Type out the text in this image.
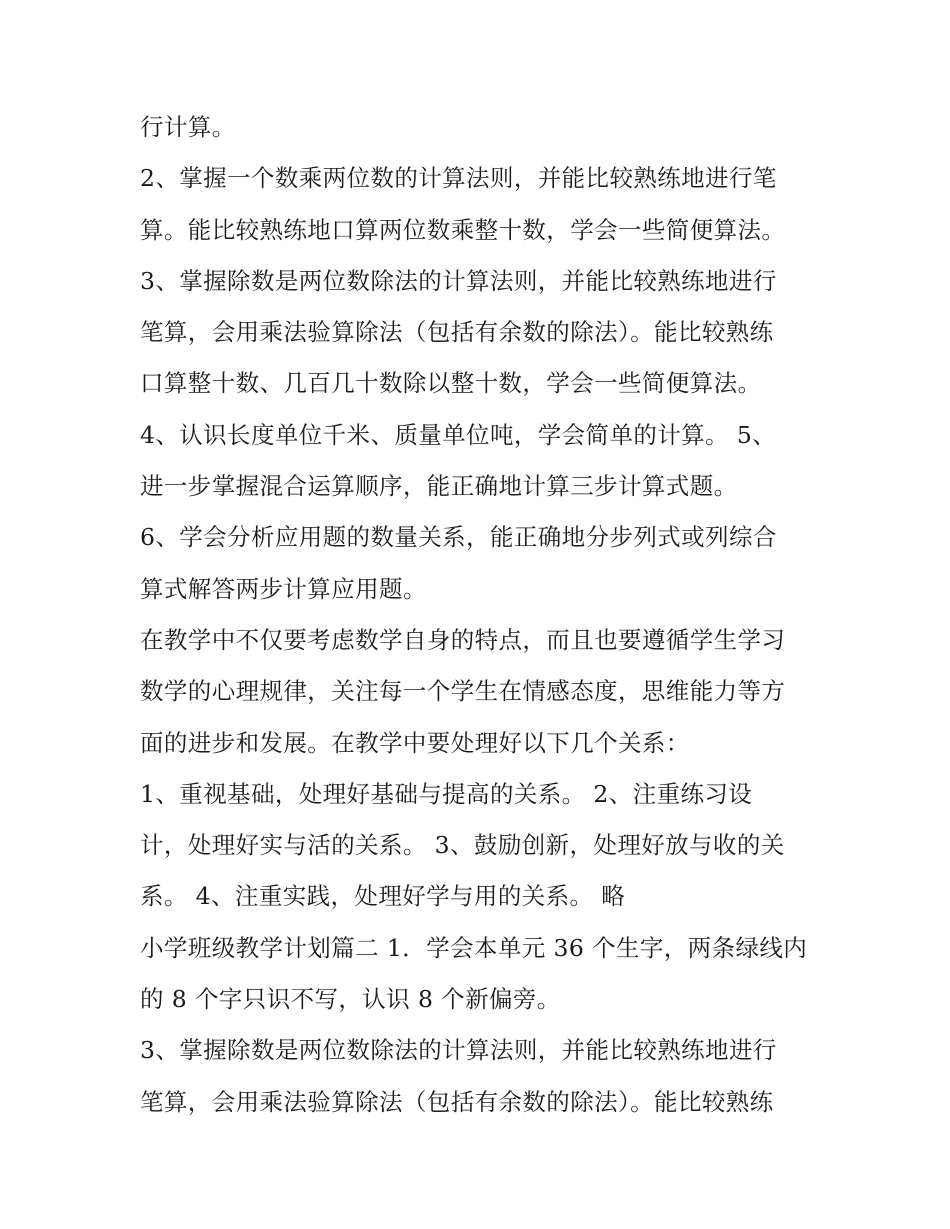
行计算。
2、掌握一个数乘两位数的计算法则，并能比较熟练地进行笔
算。能比较熟练地口算两位数乘整十数，学会一些简便算法。
3、掌握除数是两位数除法的计算法则，并能比较熟练地进行
笔算，会用乘法验算除法（包括有余数的除法）。能比较熟练
口算整十数、几百几十数除以整十数，学会一些简便算法。
4、认识长度单位千米、质量单位吨，学会简单的计算。 5、
进一步掌握混合运算顺序，能正确地计算三步计算式题。
6、学会分析应用题的数量关系，能正确地分步列式或列综合
算式解答两步计算应用题。
在教学中不仅要考虑数学自身的特点，而且也要遵循学生学习
数学的心理规律，关注每一个学生在情感态度，思维能力等方
面的进步和发展。在教学中要处理好以下几个关系：
1、重视基础，处理好基础与提高的关系。 2、注重练习设
计，处理好实与活的关系。 3、鼓励创新，处理好放与收的关
系。 4、注重实践，处理好学与用的关系。 略
小学班级教学计划篇二 1．学会本单元 36 个生字，两条绿线内
的 8 个字只识不写，认识 8 个新偏旁。
3、掌握除数是两位数除法的计算法则，并能比较熟练地进行
笔算，会用乘法验算除法（包括有余数的除法）。能比较熟练
